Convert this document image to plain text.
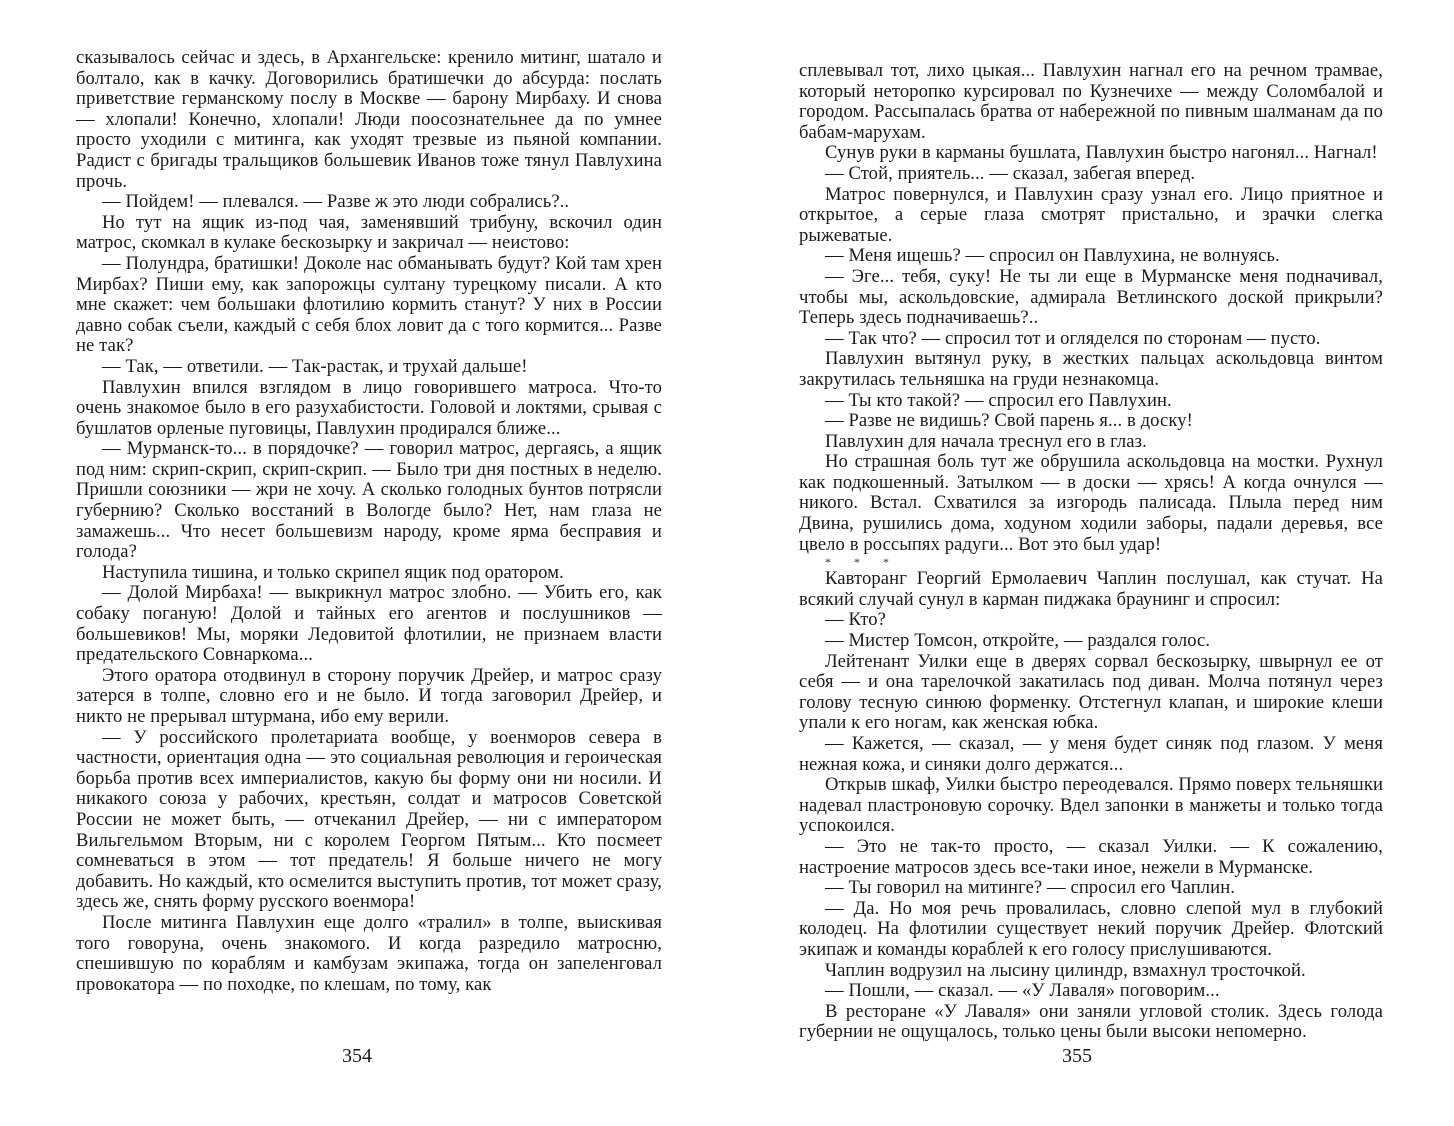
сказывалось сейчас и здесь, в Архангельске: кренило митинг, шатало и болтало, как в качку. Договорились братишечки до абсурда: послать приветствие германскому послу в Москве — барону Мирбаху. И снова — хлопали! Конечно, хлопали! Люди поосознательнее да по умнее просто уходили с митинга, как уходят трезвые из пьяной компании. Радист с бригады тральщиков большевик Иванов тоже тянул Павлухина прочь.

— Пойдем! — плевался. — Разве ж это люди собрались?..

Но тут на ящик из-под чая, заменявший трибуну, вскочил один матрос, скомкал в кулаке бескозырку и закричал — неистово:

— Полундра, братишки! Доколе нас обманывать будут? Кой там хрен Мирбах? Пиши ему, как запорожцы султану турецкому писали. А кто мне скажет: чем большаки флотилию кормить станут? У них в России давно собак съели, каждый с себя блох ловит да с того кормится... Разве не так?

— Так, — ответили. — Так-растак, и трухай дальше!

Павлухин впился взглядом в лицо говорившего матроса. Что-то очень знакомое было в его разухабистости. Головой и локтями, срывая с бушлатов орленые пуговицы, Павлухин продирался ближе...

— Мурманск-то... в порядочке? — говорил матрос, дергаясь, а ящик под ним: скрип-скрип, скрип-скрип. — Было три дня постных в неделю. Пришли союзники — жри не хочу. А сколько голодных бунтов потрясли губернию? Сколько восстаний в Вологде было? Нет, нам глаза не замажешь... Что несет большевизм народу, кроме ярма бесправия и голода?

Наступила тишина, и только скрипел ящик под оратором.

— Долой Мирбаха! — выкрикнул матрос злобно. — Убить его, как собаку поганую! Долой и тайных его агентов и послушников — большевиков! Мы, моряки Ледовитой флотилии, не признаем власти предательского Совнаркома...

Этого оратора отодвинул в сторону поручик Дрейер, и матрос сразу затерся в толпе, словно его и не было. И тогда заговорил Дрейер, и никто не прерывал штурмана, ибо ему верили.

— У российского пролетариата вообще, у военморов севера в частности, ориентация одна — это социальная революция и героическая борьба против всех империалистов, какую бы форму они ни носили. И никакого союза у рабочих, крестьян, солдат и матросов Советской России не может быть, — отчеканил Дрейер, — ни с императором Вильгельмом Вторым, ни с королем Георгом Пятым... Кто посмеет сомневаться в этом — тот предатель! Я больше ничего не могу добавить. Но каждый, кто осмелится выступить против, тот может сразу, здесь же, снять форму русского военмора!

После митинга Павлухин еще долго «тралил» в толпе, выискивая того говоруна, очень знакомого. И когда разредило матросню, спешившую по кораблям и камбузам экипажа, тогда он запеленговал провокатора — по походке, по клешам, по тому, как

354

сплевывал тот, лихо цыкая... Павлухин нагнал его на речном трамвае, который неторопко курсировал по Кузнечихе — между Соломбалой и городом. Рассыпалась братва от набережной по пивным шалманам да по бабам-марухам.

Сунув руки в карманы бушлата, Павлухин быстро нагонял... Нагнал!

— Стой, приятель... — сказал, забегая вперед.

Матрос повернулся, и Павлухин сразу узнал его. Лицо приятное и открытое, а серые глаза смотрят пристально, и зрачки слегка рыжеватые.

— Меня ищешь? — спросил он Павлухина, не волнуясь.

— Эге... тебя, суку! Не ты ли еще в Мурманске меня подначивал, чтобы мы, аскольдовские, адмирала Ветлинского доской прикрыли? Теперь здесь подначиваешь?..

— Так что? — спросил тот и огляделся по сторонам — пусто.

Павлухин вытянул руку, в жестких пальцах аскольдовца винтом закрутилась тельняшка на груди незнакомца.

— Ты кто такой? — спросил его Павлухин.

— Разве не видишь? Свой парень я... в доску!

Павлухин для начала треснул его в глаз.

Но страшная боль тут же обрушила аскольдовца на мостки. Рухнул как подкошенный. Затылком — в доски — хрясь! А когда очнулся — никого. Встал. Схватился за изгородь палисада. Плыла перед ним Двина, рушились дома, ходуном ходили заборы, падали деревья, все цвело в россыпях радуги... Вот это был удар!

* * *

Кавторанг Георгий Ермолаевич Чаплин послушал, как стучат. На всякий случай сунул в карман пиджака браунинг и спросил:

— Кто?

— Мистер Томсон, откройте, — раздался голос.

Лейтенант Уилки еще в дверях сорвал бескозырку, швырнул ее от себя — и она тарелочкой закатилась под диван. Молча потянул через голову тесную синюю форменку. Отстегнул клапан, и широкие клеши упали к его ногам, как женская юбка.

— Кажется, — сказал, — у меня будет синяк под глазом. У меня нежная кожа, и синяки долго держатся...

Открыв шкаф, Уилки быстро переодевался. Прямо поверх тельняшки надевал пластроновую сорочку. Вдел запонки в манжеты и только тогда успокоился.

— Это не так-то просто, — сказал Уилки. — К сожалению, настроение матросов здесь все-таки иное, нежели в Мурманске.

— Ты говорил на митинге? — спросил его Чаплин.

— Да. Но моя речь провалилась, словно слепой мул в глубокий колодец. На флотилии существует некий поручик Дрейер. Флотский экипаж и команды кораблей к его голосу прислушиваются.

Чаплин водрузил на лысину цилиндр, взмахнул тросточкой.

— Пошли, — сказал. — «У Лаваля» поговорим...

В ресторане «У Лаваля» они заняли угловой столик. Здесь голода губернии не ощущалось, только цены были высоки непомерно.

355
